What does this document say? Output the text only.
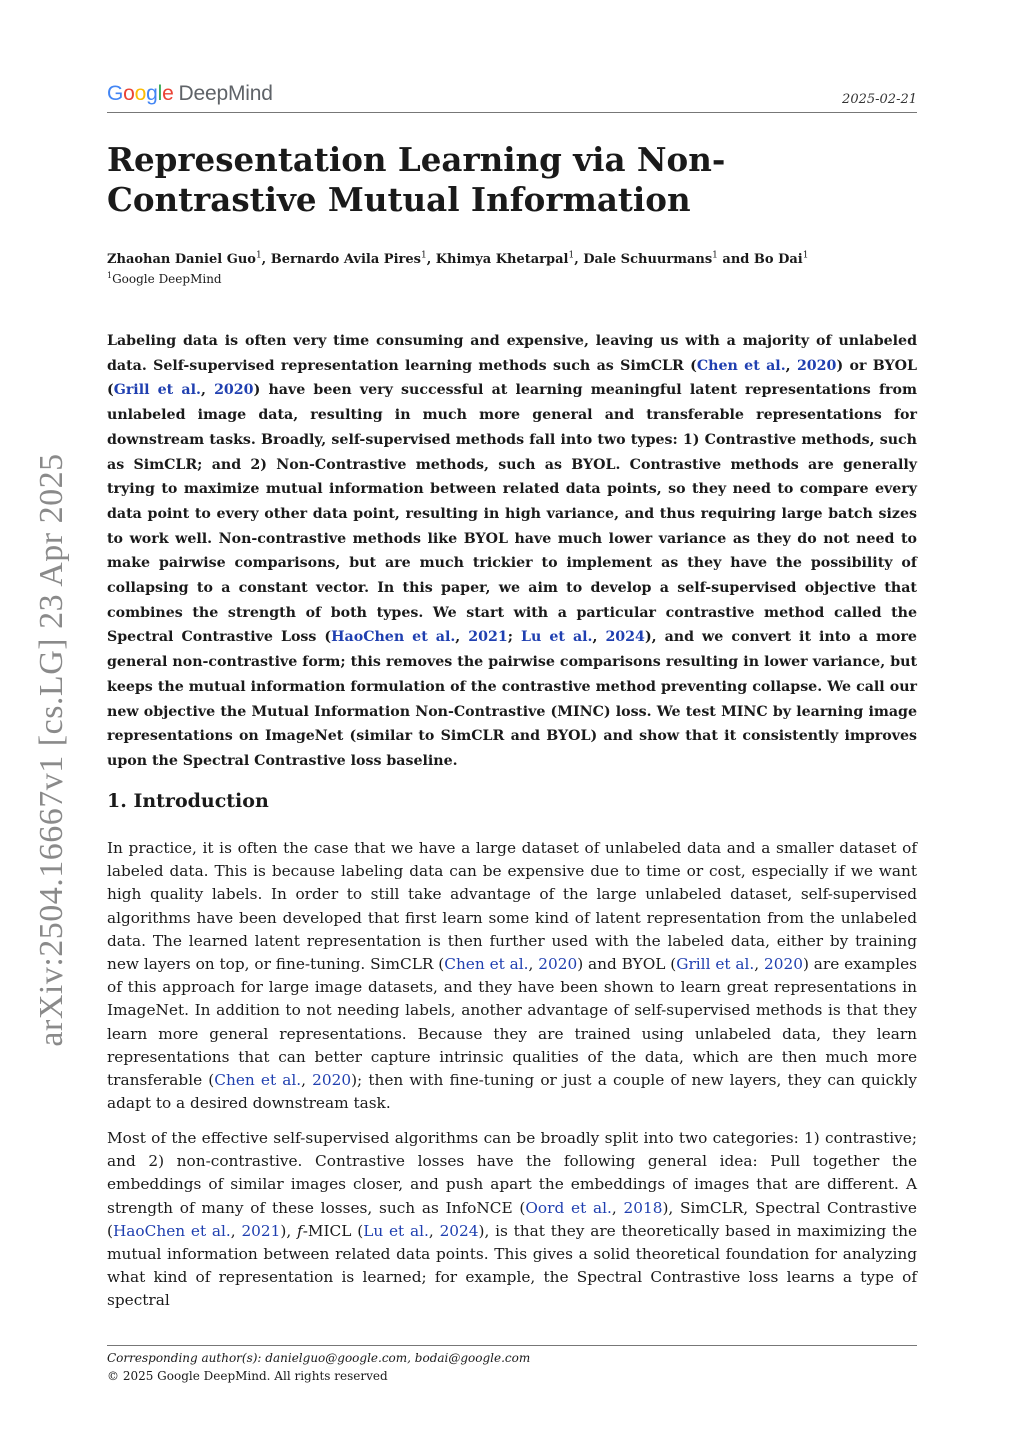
Google DeepMind	2025-02-21
arXiv:2504.16667v1 [cs.LG] 23 Apr 2025
Representation Learning via Non-Contrastive Mutual Information
Zhaohan Daniel Guo$^1$, Bernardo Avila Pires$^1$, Khimya Khetarpal$^1$, Dale Schuurmans$^1$ and Bo Dai$^1$
$^1$Google DeepMind

Labeling data is often very time consuming and expensive, leaving us with a majority of unlabeled data. Self-supervised representation learning methods such as SimCLR (Chen et al., 2020) or BYOL (Grill et al., 2020) have been very successful at learning meaningful latent representations from unlabeled image data, resulting in much more general and transferable representations for downstream tasks. Broadly, self-supervised methods fall into two types: 1) Contrastive methods, such as SimCLR; and 2) Non-Contrastive methods, such as BYOL. Contrastive methods are generally trying to maximize mutual information between related data points, so they need to compare every data point to every other data point, resulting in high variance, and thus requiring large batch sizes to work well. Non-contrastive methods like BYOL have much lower variance as they do not need to make pairwise comparisons, but are much trickier to implement as they have the possibility of collapsing to a constant vector. In this paper, we aim to develop a self-supervised objective that combines the strength of both types. We start with a particular contrastive method called the Spectral Contrastive Loss (HaoChen et al., 2021; Lu et al., 2024), and we convert it into a more general non-contrastive form; this removes the pairwise comparisons resulting in lower variance, but keeps the mutual information formulation of the contrastive method preventing collapse. We call our new objective the Mutual Information Non-Contrastive (MINC) loss. We test MINC by learning image representations on ImageNet (similar to SimCLR and BYOL) and show that it consistently improves upon the Spectral Contrastive loss baseline.

1. Introduction

In practice, it is often the case that we have a large dataset of unlabeled data and a smaller dataset of labeled data. This is because labeling data can be expensive due to time or cost, especially if we want high quality labels. In order to still take advantage of the large unlabeled dataset, self-supervised algorithms have been developed that first learn some kind of latent representation from the unlabeled data. The learned latent representation is then further used with the labeled data, either by training new layers on top, or fine-tuning. SimCLR (Chen et al., 2020) and BYOL (Grill et al., 2020) are examples of this approach for large image datasets, and they have been shown to learn great representations in ImageNet. In addition to not needing labels, another advantage of self-supervised methods is that they learn more general representations. Because they are trained using unlabeled data, they learn representations that can better capture intrinsic qualities of the data, which are then much more transferable (Chen et al., 2020); then with fine-tuning or just a couple of new layers, they can quickly adapt to a desired downstream task.

Most of the effective self-supervised algorithms can be broadly split into two categories: 1) contrastive; and 2) non-contrastive. Contrastive losses have the following general idea: Pull together the embeddings of similar images closer, and push apart the embeddings of images that are different. A strength of many of these losses, such as InfoNCE (Oord et al., 2018), SimCLR, Spectral Contrastive (HaoChen et al., 2021), f-MICL (Lu et al., 2024), is that they are theoretically based in maximizing the mutual information between related data points. This gives a solid theoretical foundation for analyzing what kind of representation is learned; for example, the Spectral Contrastive loss learns a type of spectral

Corresponding author(s): danielguo@google.com, bodai@google.com
© 2025 Google DeepMind. All rights reserved
